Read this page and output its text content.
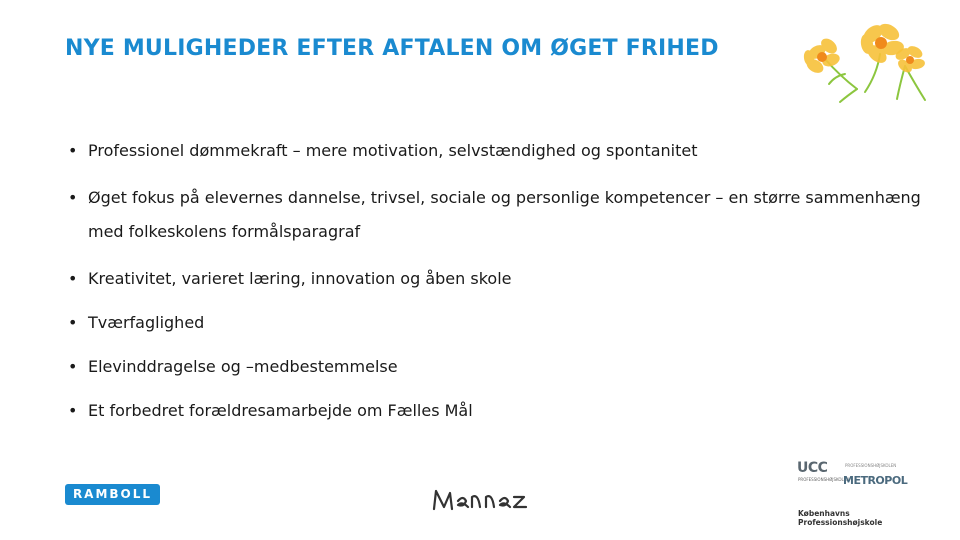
NYE MULIGHEDER EFTER AFTALEN OM ØGET FRIHED
• Professionel dømmekraft – mere motivation, selvstændighed og spontanitet
• Øget fokus på elevernes dannelse, trivsel, sociale og personlige kompetencer – en større sammenhæng med folkeskolens formålsparagraf
• Kreativitet, varieret læring, innovation og åben skole
• Tværfaglighed
• Elevinddragelse og –medbestemmelse
• Et forbedret forældresamarbejde om Fælles Mål
RAMBOLL
UCC
PROFESSIONSHØJSKOLEN
PROFESSIONSHØJSKOLEN
METROPOL
Københavns Professionshøjskole
